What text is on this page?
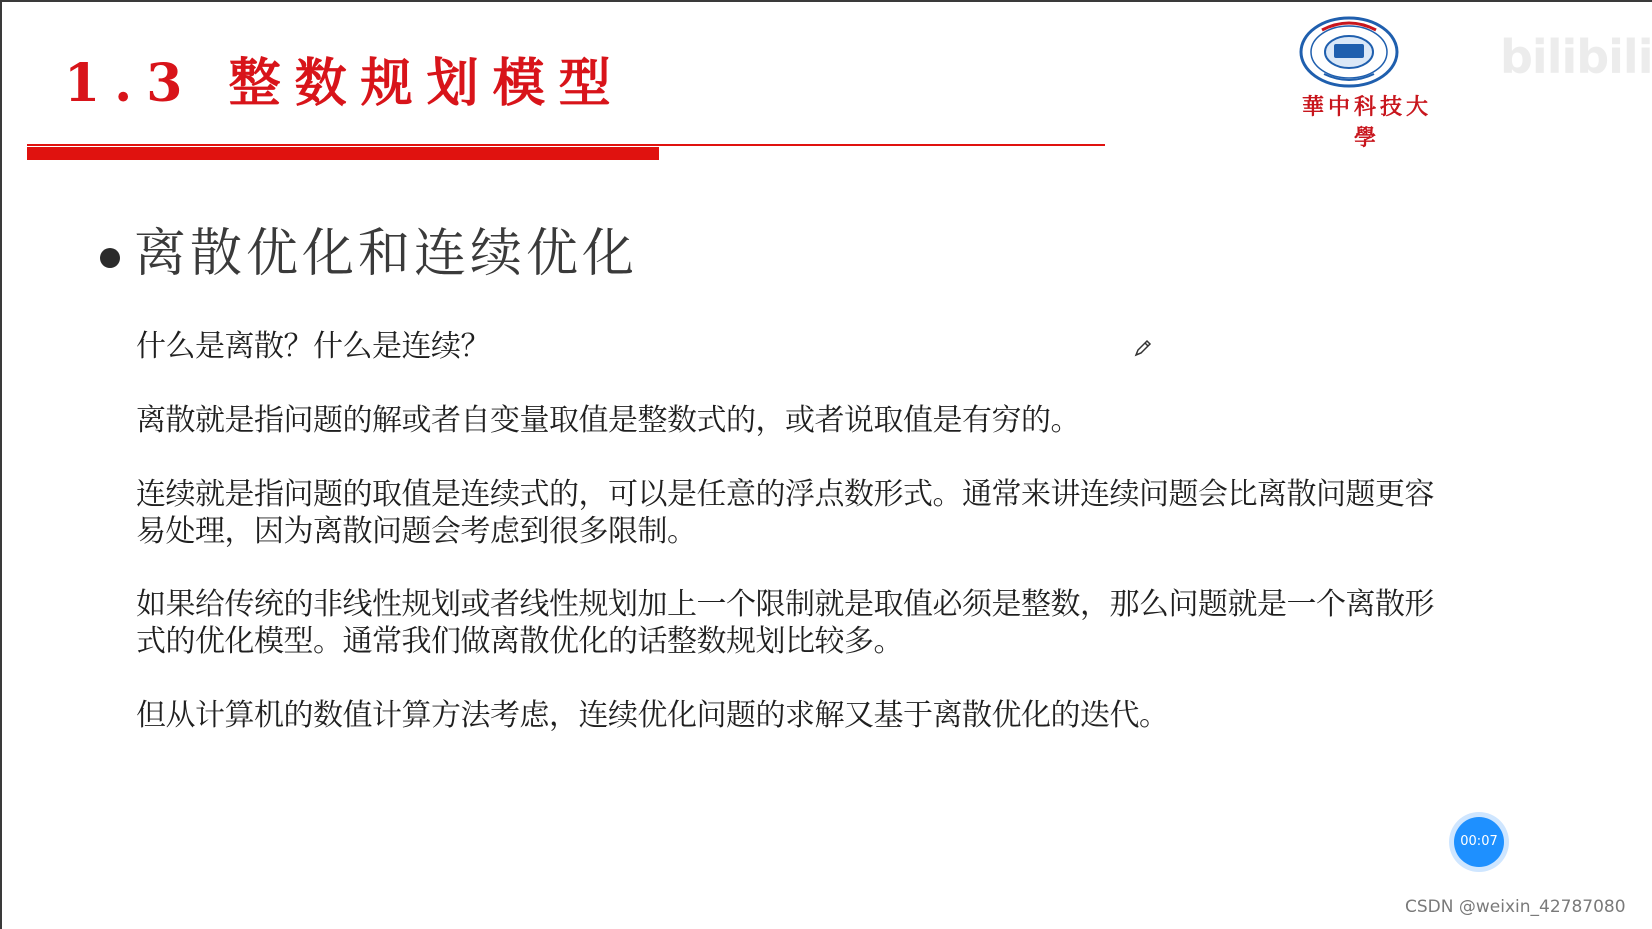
1.3 整数规划模型	華中科技大學
bilibili
离散优化和连续优化
什么是离散？什么是连续？
离散就是指问题的解或者自变量取值是整数式的，或者说取值是有穷的。
连续就是指问题的取值是连续式的，可以是任意的浮点数形式。通常来讲连续问题会比离散问题更容易处理，因为离散问题会考虑到很多限制。
如果给传统的非线性规划或者线性规划加上一个限制就是取值必须是整数，那么问题就是一个离散形式的优化模型。通常我们做离散优化的话整数规划比较多。
但从计算机的数值计算方法考虑，连续优化问题的求解又基于离散优化的迭代。
00:07
CSDN @weixin_42787080
